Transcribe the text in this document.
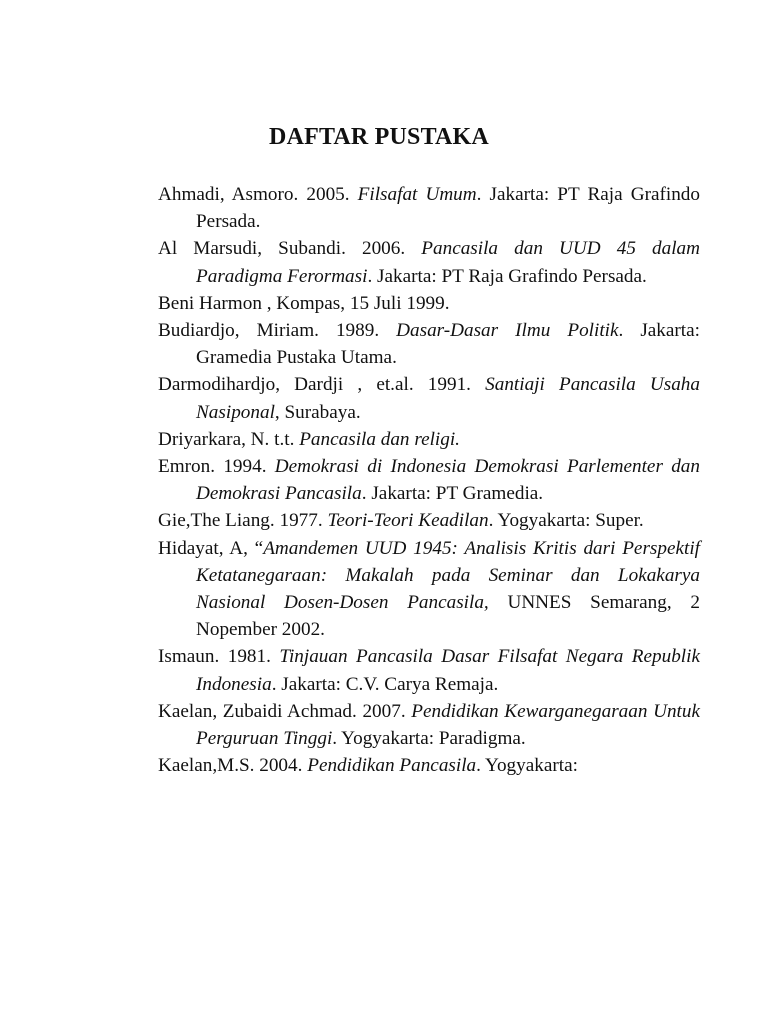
DAFTAR PUSTAKA
Ahmadi, Asmoro. 2005. Filsafat Umum. Jakarta: PT Raja Grafindo Persada.
Al Marsudi, Subandi. 2006. Pancasila dan UUD 45 dalam Paradigma Ferormasi. Jakarta: PT Raja Grafindo Persada.
Beni Harmon , Kompas, 15 Juli 1999.
Budiardjo, Miriam. 1989. Dasar-Dasar Ilmu Politik. Jakarta: Gramedia Pustaka Utama.
Darmodihardjo, Dardji , et.al. 1991. Santiaji Pancasila Usaha Nasiponal, Surabaya.
Driyarkara, N. t.t. Pancasila dan religi.
Emron. 1994. Demokrasi di Indonesia Demokrasi Parlementer dan Demokrasi Pancasila. Jakarta: PT Gramedia.
Gie,The Liang. 1977. Teori-Teori Keadilan. Yogyakarta: Super.
Hidayat, A, “Amandemen UUD 1945: Analisis Kritis dari Perspektif Ketatanegaraan: Makalah pada Seminar dan Lokakarya Nasional Dosen-Dosen Pancasila, UNNES Semarang, 2 Nopember 2002.
Ismaun. 1981. Tinjauan Pancasila Dasar Filsafat Negara Republik Indonesia. Jakarta: C.V. Carya Remaja.
Kaelan, Zubaidi Achmad. 2007. Pendidikan Kewarganegaraan Untuk Perguruan Tinggi. Yogyakarta: Paradigma.
Kaelan,M.S. 2004. Pendidikan Pancasila. Yogyakarta:
